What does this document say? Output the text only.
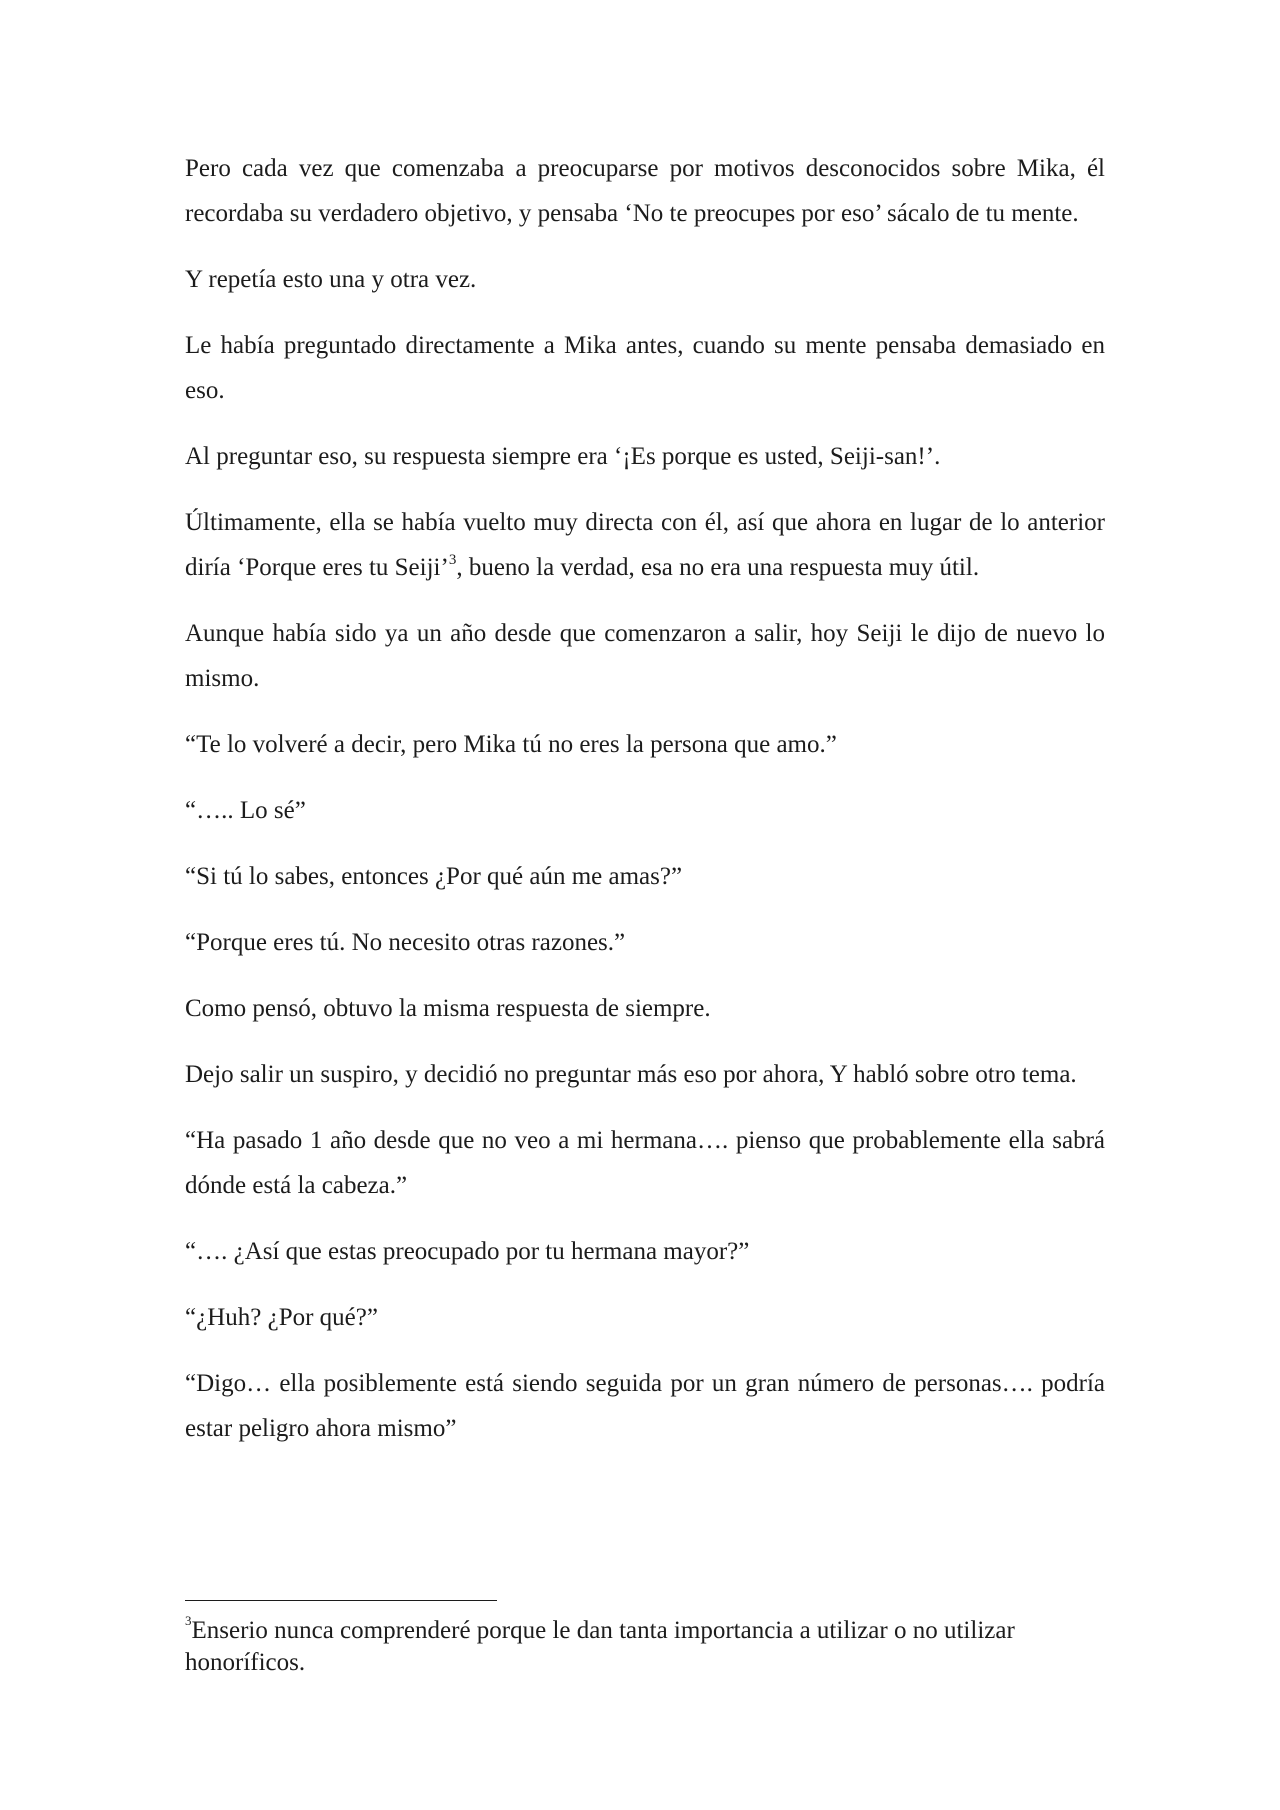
Pero cada vez que comenzaba a preocuparse por motivos desconocidos sobre Mika, él recordaba su verdadero objetivo, y pensaba ‘No te preocupes por eso’ sácalo de tu mente.

Y repetía esto una y otra vez.

Le había preguntado directamente a Mika antes, cuando su mente pensaba demasiado en eso.

Al preguntar eso, su respuesta siempre era ‘¡Es porque es usted, Seiji-san!’.

Últimamente, ella se había vuelto muy directa con él, así que ahora en lugar de lo anterior diría ‘Porque eres tu Seiji’$^3$, bueno la verdad, esa no era una respuesta muy útil.

Aunque había sido ya un año desde que comenzaron a salir, hoy Seiji le dijo de nuevo lo mismo.

“Te lo volveré a decir, pero Mika tú no eres la persona que amo.”

“….. Lo sé”

“Si tú lo sabes, entonces ¿Por qué aún me amas?”

“Porque eres tú. No necesito otras razones.”

Como pensó, obtuvo la misma respuesta de siempre.

Dejo salir un suspiro, y decidió no preguntar más eso por ahora, Y habló sobre otro tema.

“Ha pasado 1 año desde que no veo a mi hermana…. pienso que probablemente ella sabrá dónde está la cabeza.”

“…. ¿Así que estas preocupado por tu hermana mayor?”

“¿Huh? ¿Por qué?”

“Digo… ella posiblemente está siendo seguida por un gran número de personas…. podría estar peligro ahora mismo”

$^3$Enserio nunca comprenderé porque le dan tanta importancia a utilizar o no utilizar honoríficos.
